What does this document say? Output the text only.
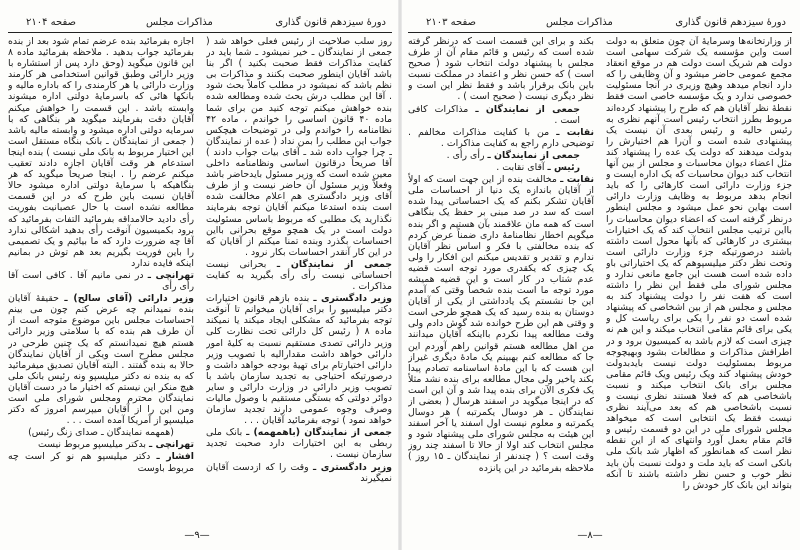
دورهٔ سیزدهم قانون گذاری
مذاکرات مجلس
صفحه ۲۱۰۴

روز سلب صلاحیت از رئیس فعلی خواهد شد ( جمعی از نمایندگان ـ خیر نمیشود ـ شما باید در کفایت مذاکرات فقط صحبت بکنید ) اگر بنا باشد آقایان اینطور صحبت بکنند و مذاکرات بی نظم باشد که نمیشود در مطلب کاملاً بحث شود . آقا این مطلب درش بحث شده ومطالعه شده بنده خواهش میکنم توجه کنید من برای شما ماده ۴۰ قانون اساسی را خواندم ، ماده ۴۲ نظامنامه را خواندم ولی در توضیحات هیچکس جواب این مطلب را بمن نداد ( عده از نمایندگان ـ چرا جواب داده شد ـ آقای بیات جواب دادند ) آقا صریحاً درقانون اساسی ونظامنامه داخلی معین شده است که وزیر مسئول بایدحاضر باشد وفعلاً وزیر مسئول آن حاضر نیست و از طرف آقای وزیر دادگستری هم اعلام مخالفت شده است بنده استدعا میکنم آقایان توجه بفرمایند نگذارید یک مطلبی که مربوط باساس مسئولیت دولت است در یک همچو موقع بحرانی بااین احساسات بگذرد وبنده تمنا میکنم از آقایان که در این کار آنقدر احساسات بکار نرود .

جمعی از نمایندگان ـ بحرانی نیست احساساتی نیست رأی رأی بگیرید به کفایت مذاکرات .

وزیر دادگستری ـ بنده بازهم قانون اختیارات دکتر میلیسپو را برای آقایان میخوانم تا آنوقت توجه بفرمائید که مشکلی ایجاد میکند یا نمیکند ماده ۸ ( رئیس کل دارائی تحت نظارت کلی وزیر دارائی تصدی مستقیم نسبت به کلیهٔ امور دارائی خواهد داشت مقداراليه با تصویب وزیر دارائی اختیارتام برای تهیهٔ بودجه خواهد داشت و درصورتیکه احتیاجی به تجدید سازمان باشد با تصویب وزیر دارائی در وزارت دارائی و سایر دوائر دولتی که بستگی مستقیم با وصول مالیات وصرف وجوه عمومی دارند تجدید سازمان خواهد نمود ) توجه بفرمائید آقایان . . .

جمعی از نمایندگان (باهمهمه) ـ بانک ملی ربطی به این اختیارات دارد صحبت تجدید سازمان نیست .

وزیر دادگستری ـ وقت را که ازدست آقایان نمیگیرند

اجازه بفرمائید بنده عرضم تمام شود بعد از بنده بفرمائید جواب بدهید . ملاحظه بفرمائید ماده ۸ این قانون میگوید (وحق دارد پس از استشاره با وزیر دارائی وطبق قوانین استخدامی هر کارمند وزارت دارائی یا هر کارمندی را که باداره مالیه و بانکها هائی که باسرمایهٔ دولتی اداره میشوند وابسته باشد . این قسمت را خواهش میکنم آقایان دقت بفرمایند میگوید هر بنگاهی که با سرمایه دولتی اداره میشود و وابسته مالیه باشد ( جمعی از نمایندگان ـ بانک بنگاه مستقل است این اختیار مربوط به بانک ملی نیست ) بنده اینجا استدعام هر وقت آقایان اجازه دادند تعقیب میکنم عرضم را . اینجا صریحاً میگوید که هر بنگاهیکه با سرمایهٔ دولتی اداره میشود حالا آقایان نسبت باین طرح که در این قسمت مطالعه نشده است با حال عصبانیت بفوریت رأی دادید حالامداقه بفرمائید التفات بفرمائید که برود بکمیسیون آنوقت رأی بدهید اشکالی ندارد آقا چه ضرورت دارد که ما بیائیم و یک تصمیمی را باین فوریت بگیریم بعد هم توش در بمانیم اینکه فایده ندارد

تهرانچی ـ در نمی مانیم آقا . کافی است آقا رأی رأی

وزیر دارائی (آقای سالح) ـ حقیقهٔ آقایان بنده نمیدانم چه عرض کنم چون می بینم احساسات مجلس باین موضوع متوجه است از آن طرف هم بنده که با سلامتی وزیر دارائی هستم هیچ نمیدانستم که یک چنین طرحی در مجلس مطرح است ویکی از آقایان نمایندگان حالا به بنده گفتند . البته آقایان تصدیق میفرمائید که به بنده نه دکتر میلیسپو ونه رئیس بانک ملی هیچ منکر این نیستم که اختیار ما در دست آقایان نمایندگان محترم ومجلس شورای ملی است ومن این را از آقایان میپرسم امروز که دکتر میلیسپو از آمریکا آمده است . . .

(همهمه نمایندگان ـ صدای زنگ رئیس)

تهرانچی ـ بدکتر میلیسپو مربوط نیست

افشار ـ دکتر میلیسپو هم نو کر است چه مربوط باوست

—۹—
دورهٔ سیزدهم قانون گذاری
مذاکرات مجلس
صفحه ۲۱۰۳

از وزارتخانه‌ها وسرمایهٔ آن چون متعلق به دولت است واین مؤسسه یک شرکت سهامی است دولت هم شریک است دولت هم در موقع انعقاد مجمع عمومی حاضر میشود و آن وظایفی را که دارد انجام میدهد وهیچ وزیری در آنجا مسئولیت خصوصی ندارد و یک مؤسسه خاصی است فقط نقطهٔ نظر آقایان هم که طرح را پیشنهاد کرده‌اند مربوط بطرز انتخاب رئیس است آنهم نظری به رئیس حالیه و رئیس بعدی آن نیست یک پیشنهادی شده است و آن‌را هم اختیارش را بدولت میدهند که دولت یک عده را پیشنهاد کند مثل اعضاء دیوان محاسبات و مجلس از بین آنها انتخاب کند دیوان محاسبات که یک اداره ایست و جزء وزارت دارائی است کارهائی را که باید انجام بدهد مربوط به وظایف وزارت دارائی است بهاین نحو عمل میشود و مجلس اینطور درنظر گرفته است که اعضاء دیوان محاسبات را بااین ترتیب مجلس انتخاب کند که یک اختیارات بیشتری در کارهائی که بآنها محول است داشته باشند درصورتیکه جزء وزارت دارائی است وتحت نظر دکتر میلیسپوهم که یک اختیاراتی باو داده شده است هست این جامع مانعی ندارد و مجلس شورای ملی فقط این نظر را داشته است که هفت نفر را دولت پیشنهاد کند به مجلس و مجلس هم از بین اشخاصی که پیشنهاد شده است دو نفر را یکی برای ریاست کل و یکی برای قائم مقامی انتخاب میکند و این هم نه چیزی است که لازم باشد به کمیسیون برود و در اطرافش مذاکرات و مطالعات بشود وبهیچوجه مربوط بمسئولیت دولت نیست بایدبدولت خودش پیشنهاد کند ویک رئیس ویک قائم مقامی مجلس برای بانک انتخاب میکند و نسبت باشخاصی هم که فعلا هستند نظری نیست و نسبت باشخاصی هم که بعد می‌آیند نظری نیست فقط یک انتخابی است که میخواهد مجلس شورای ملی در این دو قسمت رئیس و قائم مقام بعمل آورد وانتهای که از این نقطه نظر است که همانطور که اظهار شد بانک ملی بانکی است که باید ملت و دولت نسبت بآن باید نظر خوب و حسن نظر داشته باشند تا آنکه بتواند این بانک کار خودش را

بکند و برای این قسمت است که درنظر گرفته شده است که رئیس و قائم مقام آن از طرف مجلس با پیشنهاد دولت انتخاب شود ( صحیح است ) که حسن نظر و اعتماد در مملکت نسبت باین بانک برقرار باشد و فقط نظر این است و نظر دیگری نیست ( صحیح است ) .

جمعی از نمایندگان ـ مذاکرات کافی است .

نقابت ـ من با کفایت مذاکرات مخالفم . توضیحی دارم راجع به کفایت مذاکرات .

جمعی از نمایندگان ـ رأی رأی .

رئیس ـ آقای نقابت .

نقابت ـ مخالفت بنده از این جهت است که اولاً از آقایان باندازه یک دنیا از احساسات ملی آقایان تشکر بکنم که یک احساساتی پیدا شده است که سد در صد مبنی بر حفظ یک بنگاهی است که همه مان علاقمند بآن هستیم و اگر بنده میگویم اخطار نظامنامهٔ داری ضمناً عرض کردم که بنده مخالفتی با فکر و اساس نظر آقایان ندارم و تقدیر و تقدیس میکنم این افکار را ولی یک چیزی که یکقدری مورد توجه است قضیه عدم شتاب در کار است و این قضیه همیشه مورد توجه ما است بنده شخصاً وقتی که آمدم این جا نشستم یک یادداشتی از یکی از آقایان دوستان به بنده رسید که یک همچو طرحی است و وقتی هم این طرح خوانده شد گوش دادم ولی وقت مطالعه پیدا نکردم بااینکه آقایان میدانند من اهل مطالعه هستم قوانین راهم آوردم این جا که مطالعه کنم بهبینم یک مادهٔ دیگری غیراز این هست که با این مادهٔ اساسنامه تصادم پیدا بکند یاخیر ولی مجال مطالعه برای بنده نشد مثلاً یک فکری الآن برای بنده پیدا شد و آن این است که در اینجا میگوید در اسفند هرسال ( بعضی از نمایندگان ـ هر دوسال یکمرتبه ) هر دوسال یکمرتبه و معلوم نیست اول اسفند یا آخر اسفند این هیئت به مجلس شورای ملی پیشنهاد شود و مجلس انتخاب کند اولا از حالا تا اسفند چند روز وقت است ؟ ( چندنفر از نمایندگان ـ ۱۵ روز ) ملاحظه بفرمائید در این پانزده

—۸—
